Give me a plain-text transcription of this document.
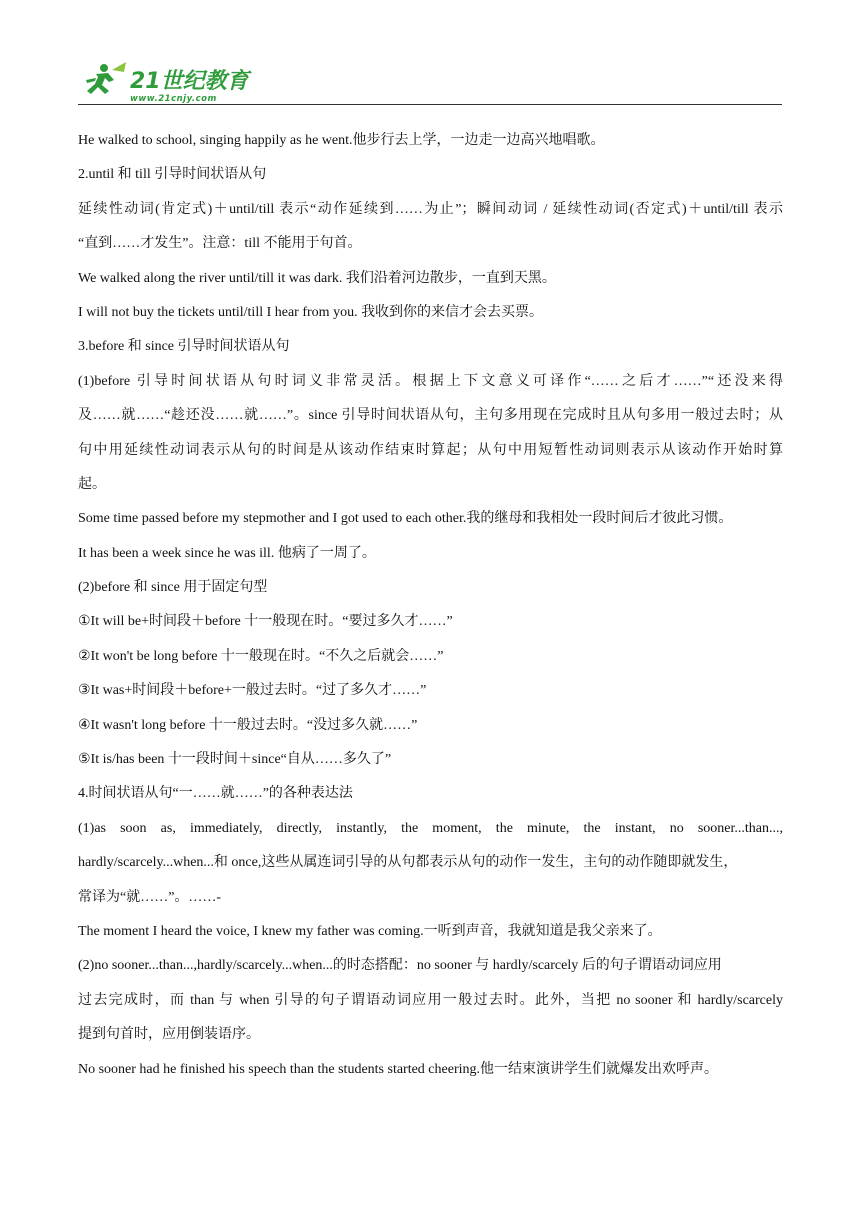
21世纪教育
www.21cnjy.com
He walked to school, singing happily as he went.他步行去上学，一边走一边高兴地唱歌。
2.until 和 till 引导时间状语从句
延续性动词(肯定式)＋until/till 表示“动作延续到……为止”；瞬间动词 / 延续性动词(否定式)＋until/till 表示
“直到……才发生”。注意：till 不能用于句首。
We walked along the river until/till it was dark. 我们沿着河边散步，一直到天黑。
I will not buy the tickets until/till I hear from you. 我收到你的来信才会去买票。
3.before 和 since 引导时间状语从句
(1)before 引导时间状语从句时词义非常灵活。根据上下文意义可译作“……之后才……”“还没来得
及……就……“趁还没……就……”。since 引导时间状语从句，主句多用现在完成时且从句多用一般过去时；从
句中用延续性动词表示从句的时间是从该动作结束时算起；从句中用短暂性动词则表示从该动作开始时算
起。
Some time passed before my stepmother and I got used to each other.我的继母和我相处一段时间后才彼此习惯。
It has been a week since he was ill. 他病了一周了。
(2)before 和 since 用于固定句型
①It will be+时间段＋before 十一般现在时。“要过多久才……”
②It won't be long before 十一般现在时。“不久之后就会……”
③It was+时间段＋before+一般过去时。“过了多久才……”
④It wasn't long before 十一般过去时。“没过多久就……”
⑤It is/has been 十一段时间＋since“自从……多久了”
4.时间状语从句“一……就……”的各种表达法
(1)as soon as, immediately, directly, instantly, the moment, the minute, the instant, no sooner...than...,
hardly/scarcely...when...和 once,这些从属连词引导的从句都表示从句的动作一发生，主句的动作随即就发生，
常译为“就……”。……-
The moment I heard the voice, I knew my father was coming.一听到声音，我就知道是我父亲来了。
(2)no sooner...than...,hardly/scarcely...when...的时态搭配：no sooner 与 hardly/scarcely 后的句子谓语动词应用
过去完成时，而 than 与 when 引导的句子谓语动词应用一般过去时。此外，当把 no sooner 和 hardly/scarcely
提到句首时，应用倒装语序。
No sooner had he finished his speech than the students started cheering.他一结束演讲学生们就爆发出欢呼声。
